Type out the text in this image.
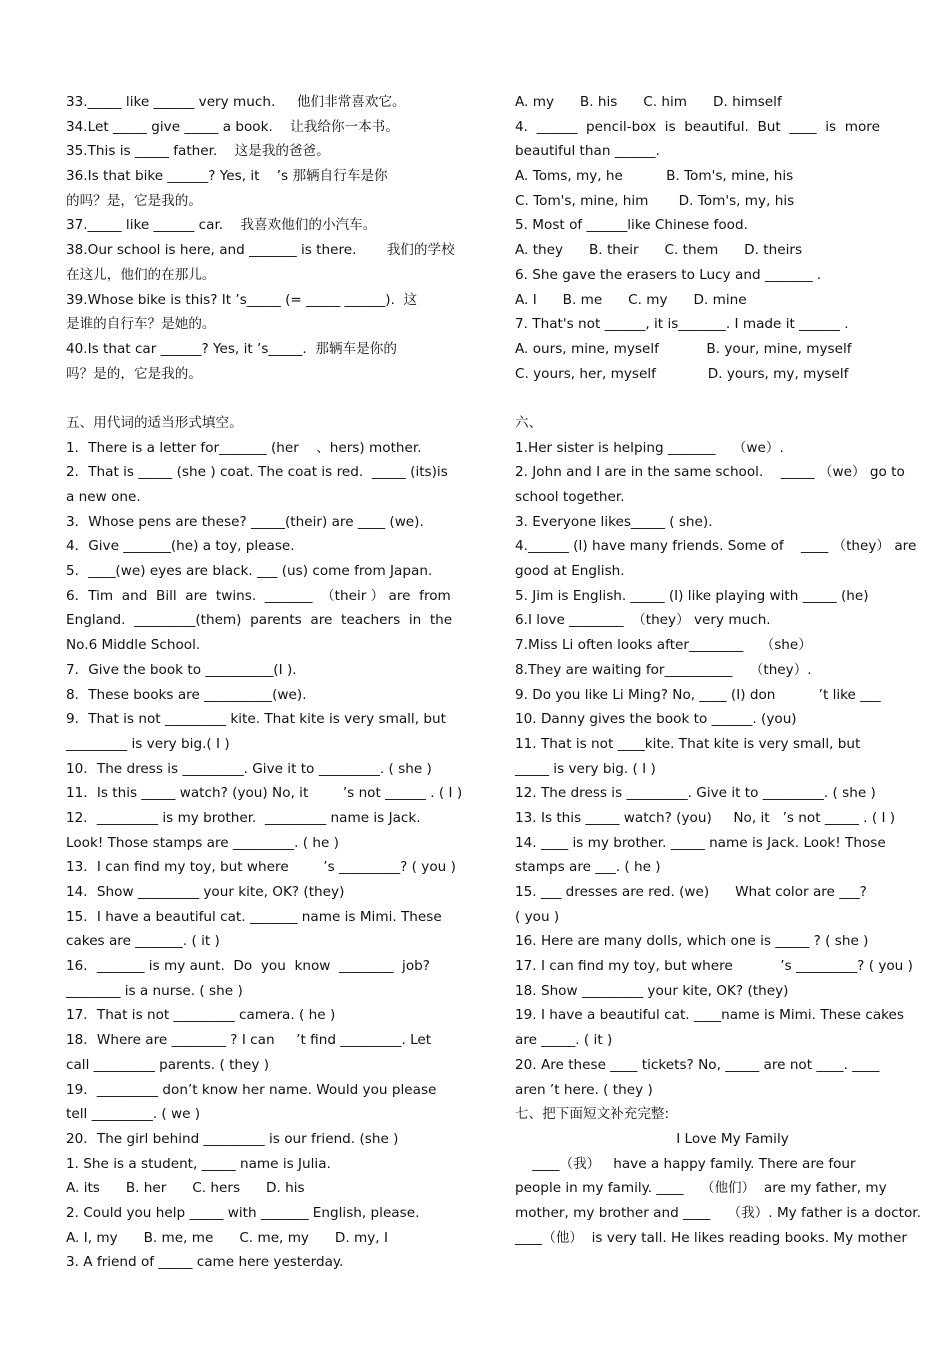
33._____ like ______ very much.     他们非常喜欢它。
34.Let _____ give _____ a book.    让我给你一本书。
35.This is _____ father.    这是我的爸爸。
36.Is that bike ______? Yes, it    ’s 那辆自行车是你
的吗？是，它是我的。
37._____ like ______ car.    我喜欢他们的小汽车。
38.Our school is here, and _______ is there.       我们的学校
在这儿，他们的在那儿。
39.Whose bike is this? It ’s_____ (= _____ ______).  这
是谁的自行车？是她的。
40.Is that car ______? Yes, it ’s_____.  那辆车是你的
吗？是的，它是我的。
五、用代词的适当形式填空。
1．There is a letter for_______ (her    、hers) mother.
2．That is _____ (she ) coat. The coat is red.  _____ (its)is
a new one.
3．Whose pens are these? _____(their) are ____ (we).
4．Give _______(he) a toy, please.
5．____(we) eyes are black. ___ (us) come from Japan.
6．Tim  and  Bill  are  twins.  _______  （their ） are  from
England.  _________(them)  parents  are  teachers  in  the
No.6 Middle School.
7．Give the book to __________(I ).
8．These books are __________(we).
9．That is not _________ kite. That kite is very small, but
_________ is very big.( I )
10．The dress is _________. Give it to _________. ( she )
11．Is this _____ watch? (you) No, it        ’s not ______ . ( I )
12．_________ is my brother.  _________ name is Jack.
Look! Those stamps are _________. ( he )
13．I can find my toy, but where        ’s _________? ( you )
14．Show _________ your kite, OK? (they)
15．I have a beautiful cat. _______ name is Mimi. These
cakes are _______. ( it )
16．_______ is my aunt.  Do  you  know  ________  job?
________ is a nurse. ( she )
17．That is not _________ camera. ( he )
18．Where are ________ ? I can     ’t find _________. Let
call _________ parents. ( they )
19．_________ don’t know her name. Would you please
tell _________. ( we )
20．The girl behind _________ is our friend. (she )
1. She is a student, _____ name is Julia.
A. its      B. her      C. hers      D. his
2. Could you help _____ with _______ English, please.
A. I, my      B. me, me      C. me, my      D. my, I
3. A friend of _____ came here yesterday.
A. my      B. his      C. him      D. himself
4.  ______  pencil-box  is  beautiful.  But  ____  is  more
beautiful than ______.
A. Toms, my, he          B. Tom's, mine, his
C. Tom's, mine, him       D. Tom's, my, his
5. Most of ______like Chinese food.
A. they      B. their      C. them      D. theirs
6. She gave the erasers to Lucy and _______ .
A. I      B. me      C. my      D. mine
7. That's not ______, it is_______. I made it ______ .
A. ours, mine, myself           B. your, mine, myself
C. yours, her, myself            D. yours, my, myself
六、
1.Her sister is helping _______    （we）.
2. John and I are in the same school.    _____ （we） go to
school together.
3. Everyone likes_____ ( she).
4.______ (I) have many friends. Some of    ____ （they） are
good at English.
5. Jim is English. _____ (I) like playing with _____ (he)
6.I love ________  （they） very much.
7.Miss Li often looks after________    （she）
8.They are waiting for__________    （they）.
9. Do you like Li Ming? No, ____ (I) don          ’t like ___
10. Danny gives the book to ______. (you)
11. That is not ____kite. That kite is very small, but
_____ is very big. ( I )
12. The dress is _________. Give it to _________. ( she )
13. Is this _____ watch? (you)     No, it   ’s not _____ . ( I )
14. ____ is my brother. _____ name is Jack. Look! Those
stamps are ___. ( he )
15. ___ dresses are red. (we)      What color are ___?
( you )
16. Here are many dolls, which one is _____ ? ( she )
17. I can find my toy, but where           ’s _________? ( you )
18. Show _________ your kite, OK? (they)
19. I have a beautiful cat. ____name is Mimi. These cakes
are _____. ( it )
20. Are these ____ tickets? No, _____ are not ____. ____
aren ’t here. ( they )
七、把下面短文补充完整:
I Love My Family
____（我）   have a happy family. There are four
people in my family. ____    （他们）  are my father, my
mother, my brother and ____    （我）. My father is a doctor.
____（他）  is very tall. He likes reading books. My mother
